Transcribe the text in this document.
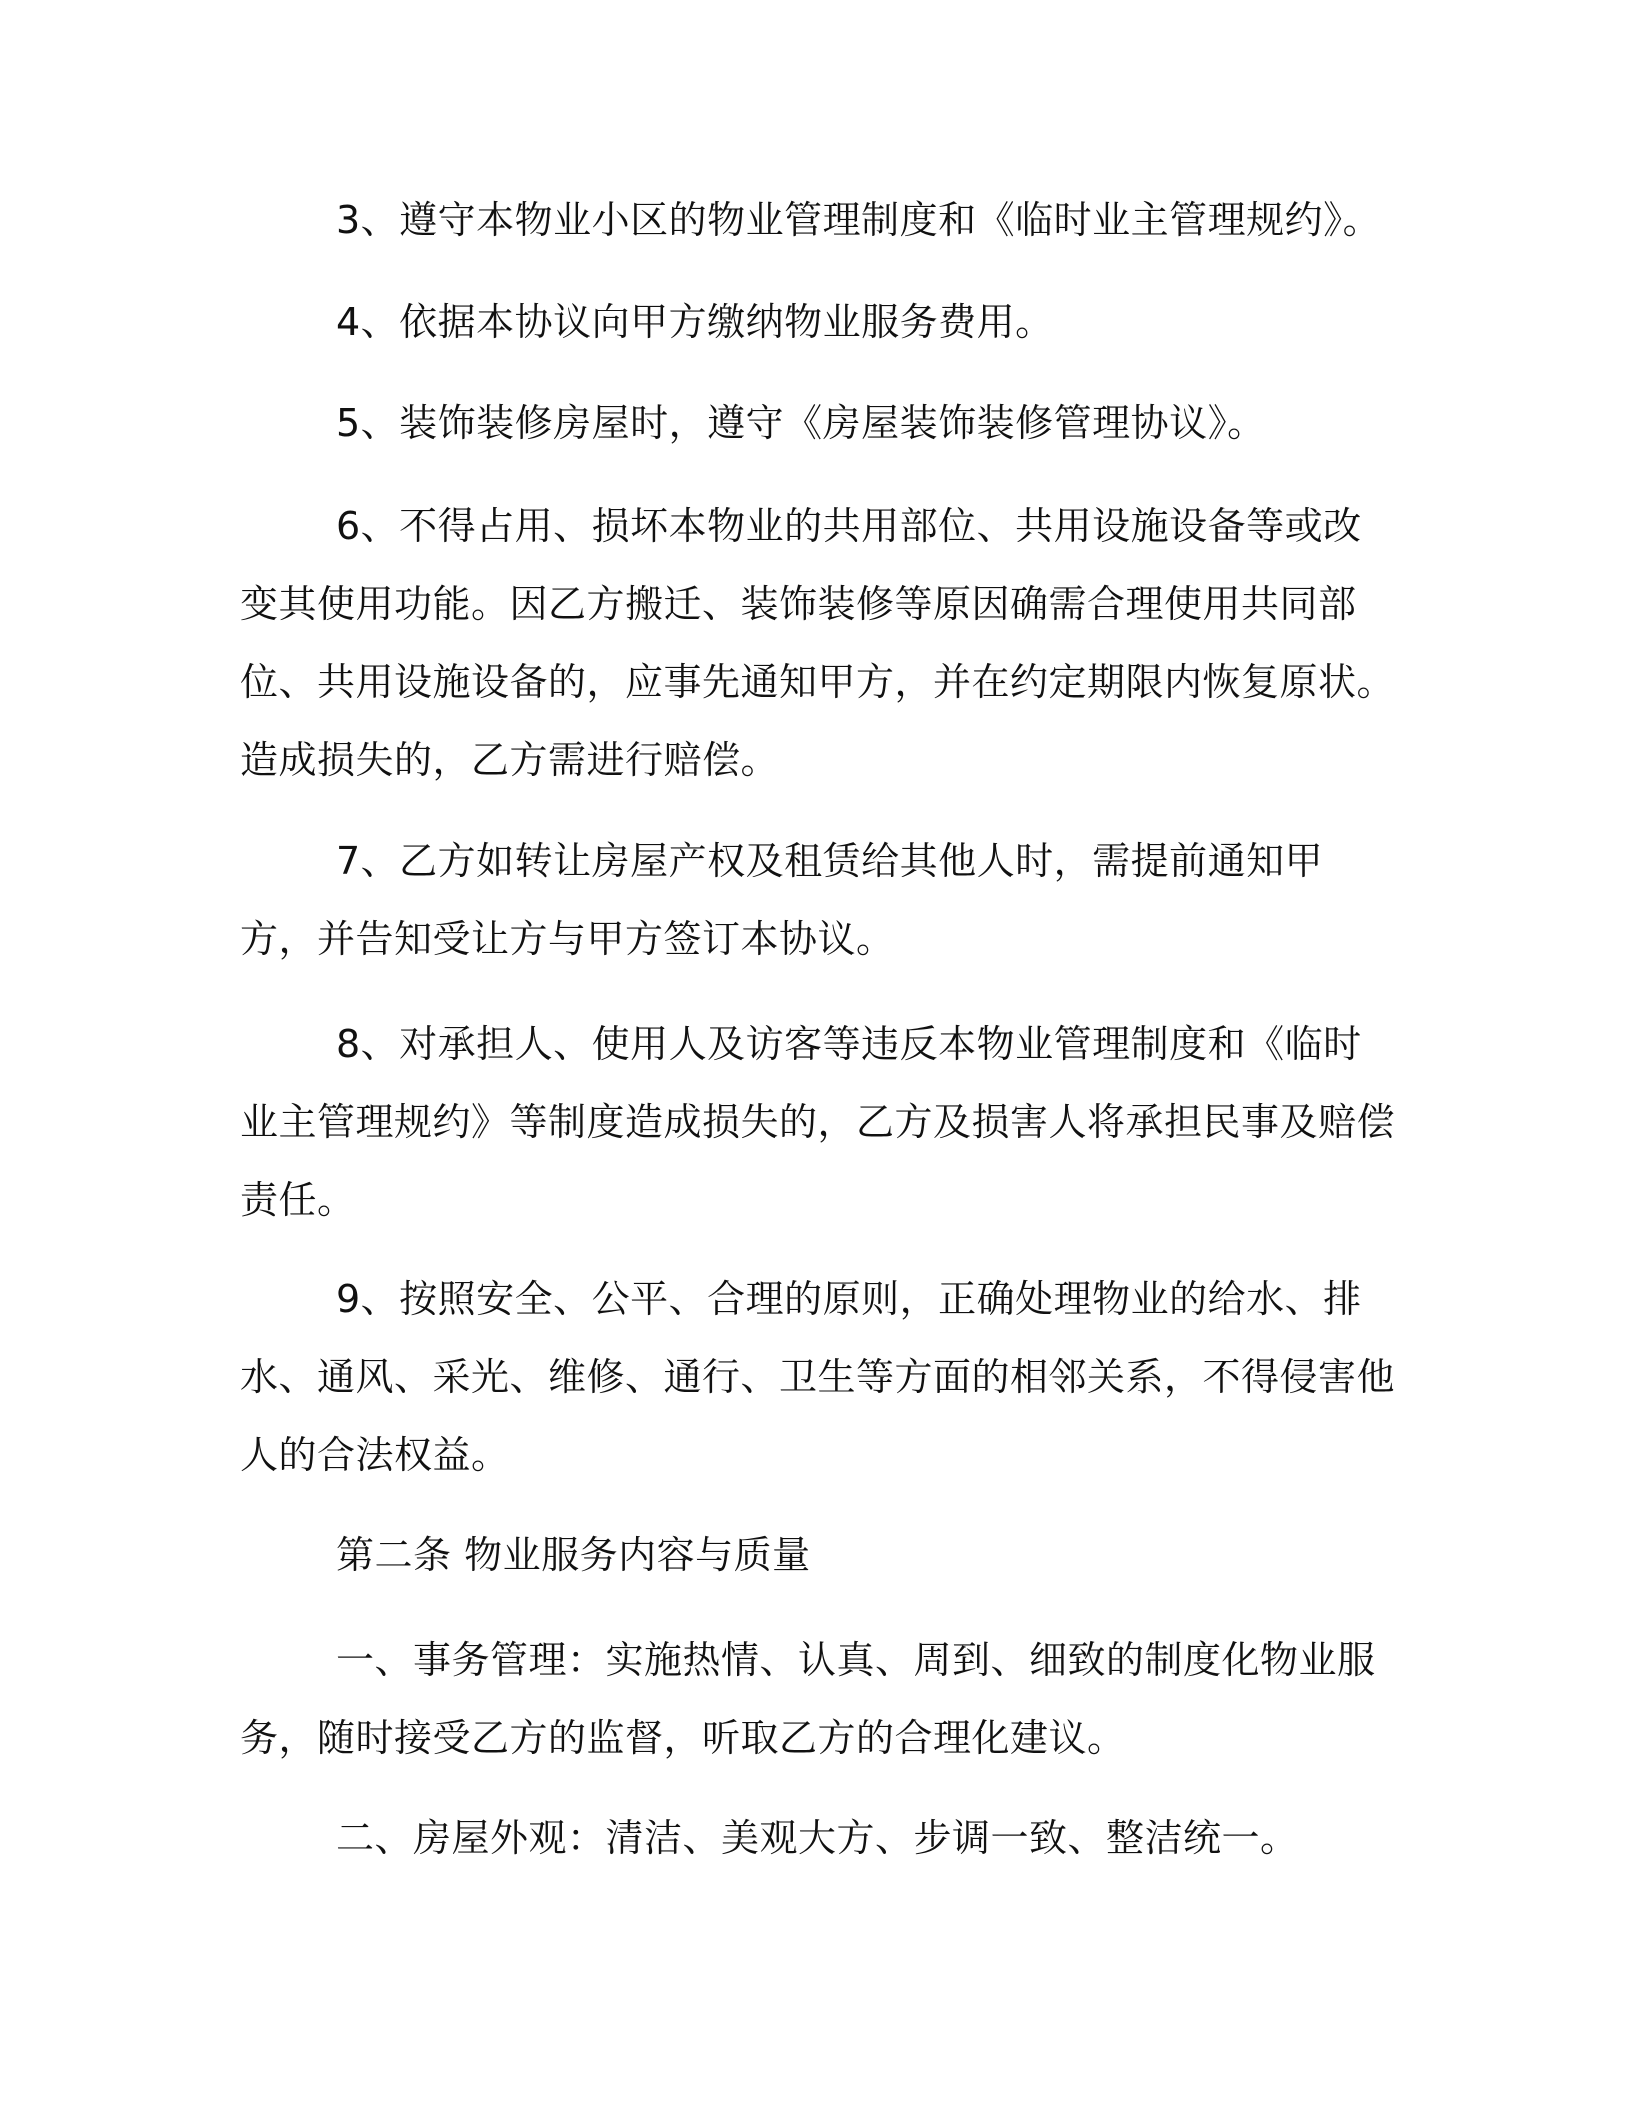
3、遵守本物业小区的物业管理制度和《临时业主管理规约》。

4、依据本协议向甲方缴纳物业服务费用。

5、装饰装修房屋时，遵守《房屋装饰装修管理协议》。

6、不得占用、损坏本物业的共用部位、共用设施设备等或改变其使用功能。因乙方搬迁、装饰装修等原因确需合理使用共同部位、共用设施设备的，应事先通知甲方，并在约定期限内恢复原状。造成损失的，乙方需进行赔偿。

7、乙方如转让房屋产权及租赁给其他人时，需提前通知甲方，并告知受让方与甲方签订本协议。

8、对承担人、使用人及访客等违反本物业管理制度和《临时业主管理规约》等制度造成损失的，乙方及损害人将承担民事及赔偿责任。

9、按照安全、公平、合理的原则，正确处理物业的给水、排水、通风、采光、维修、通行、卫生等方面的相邻关系，不得侵害他人的合法权益。

第二条 物业服务内容与质量

一、事务管理：实施热情、认真、周到、细致的制度化物业服务，随时接受乙方的监督，听取乙方的合理化建议。

二、房屋外观：清洁、美观大方、步调一致、整洁统一。
